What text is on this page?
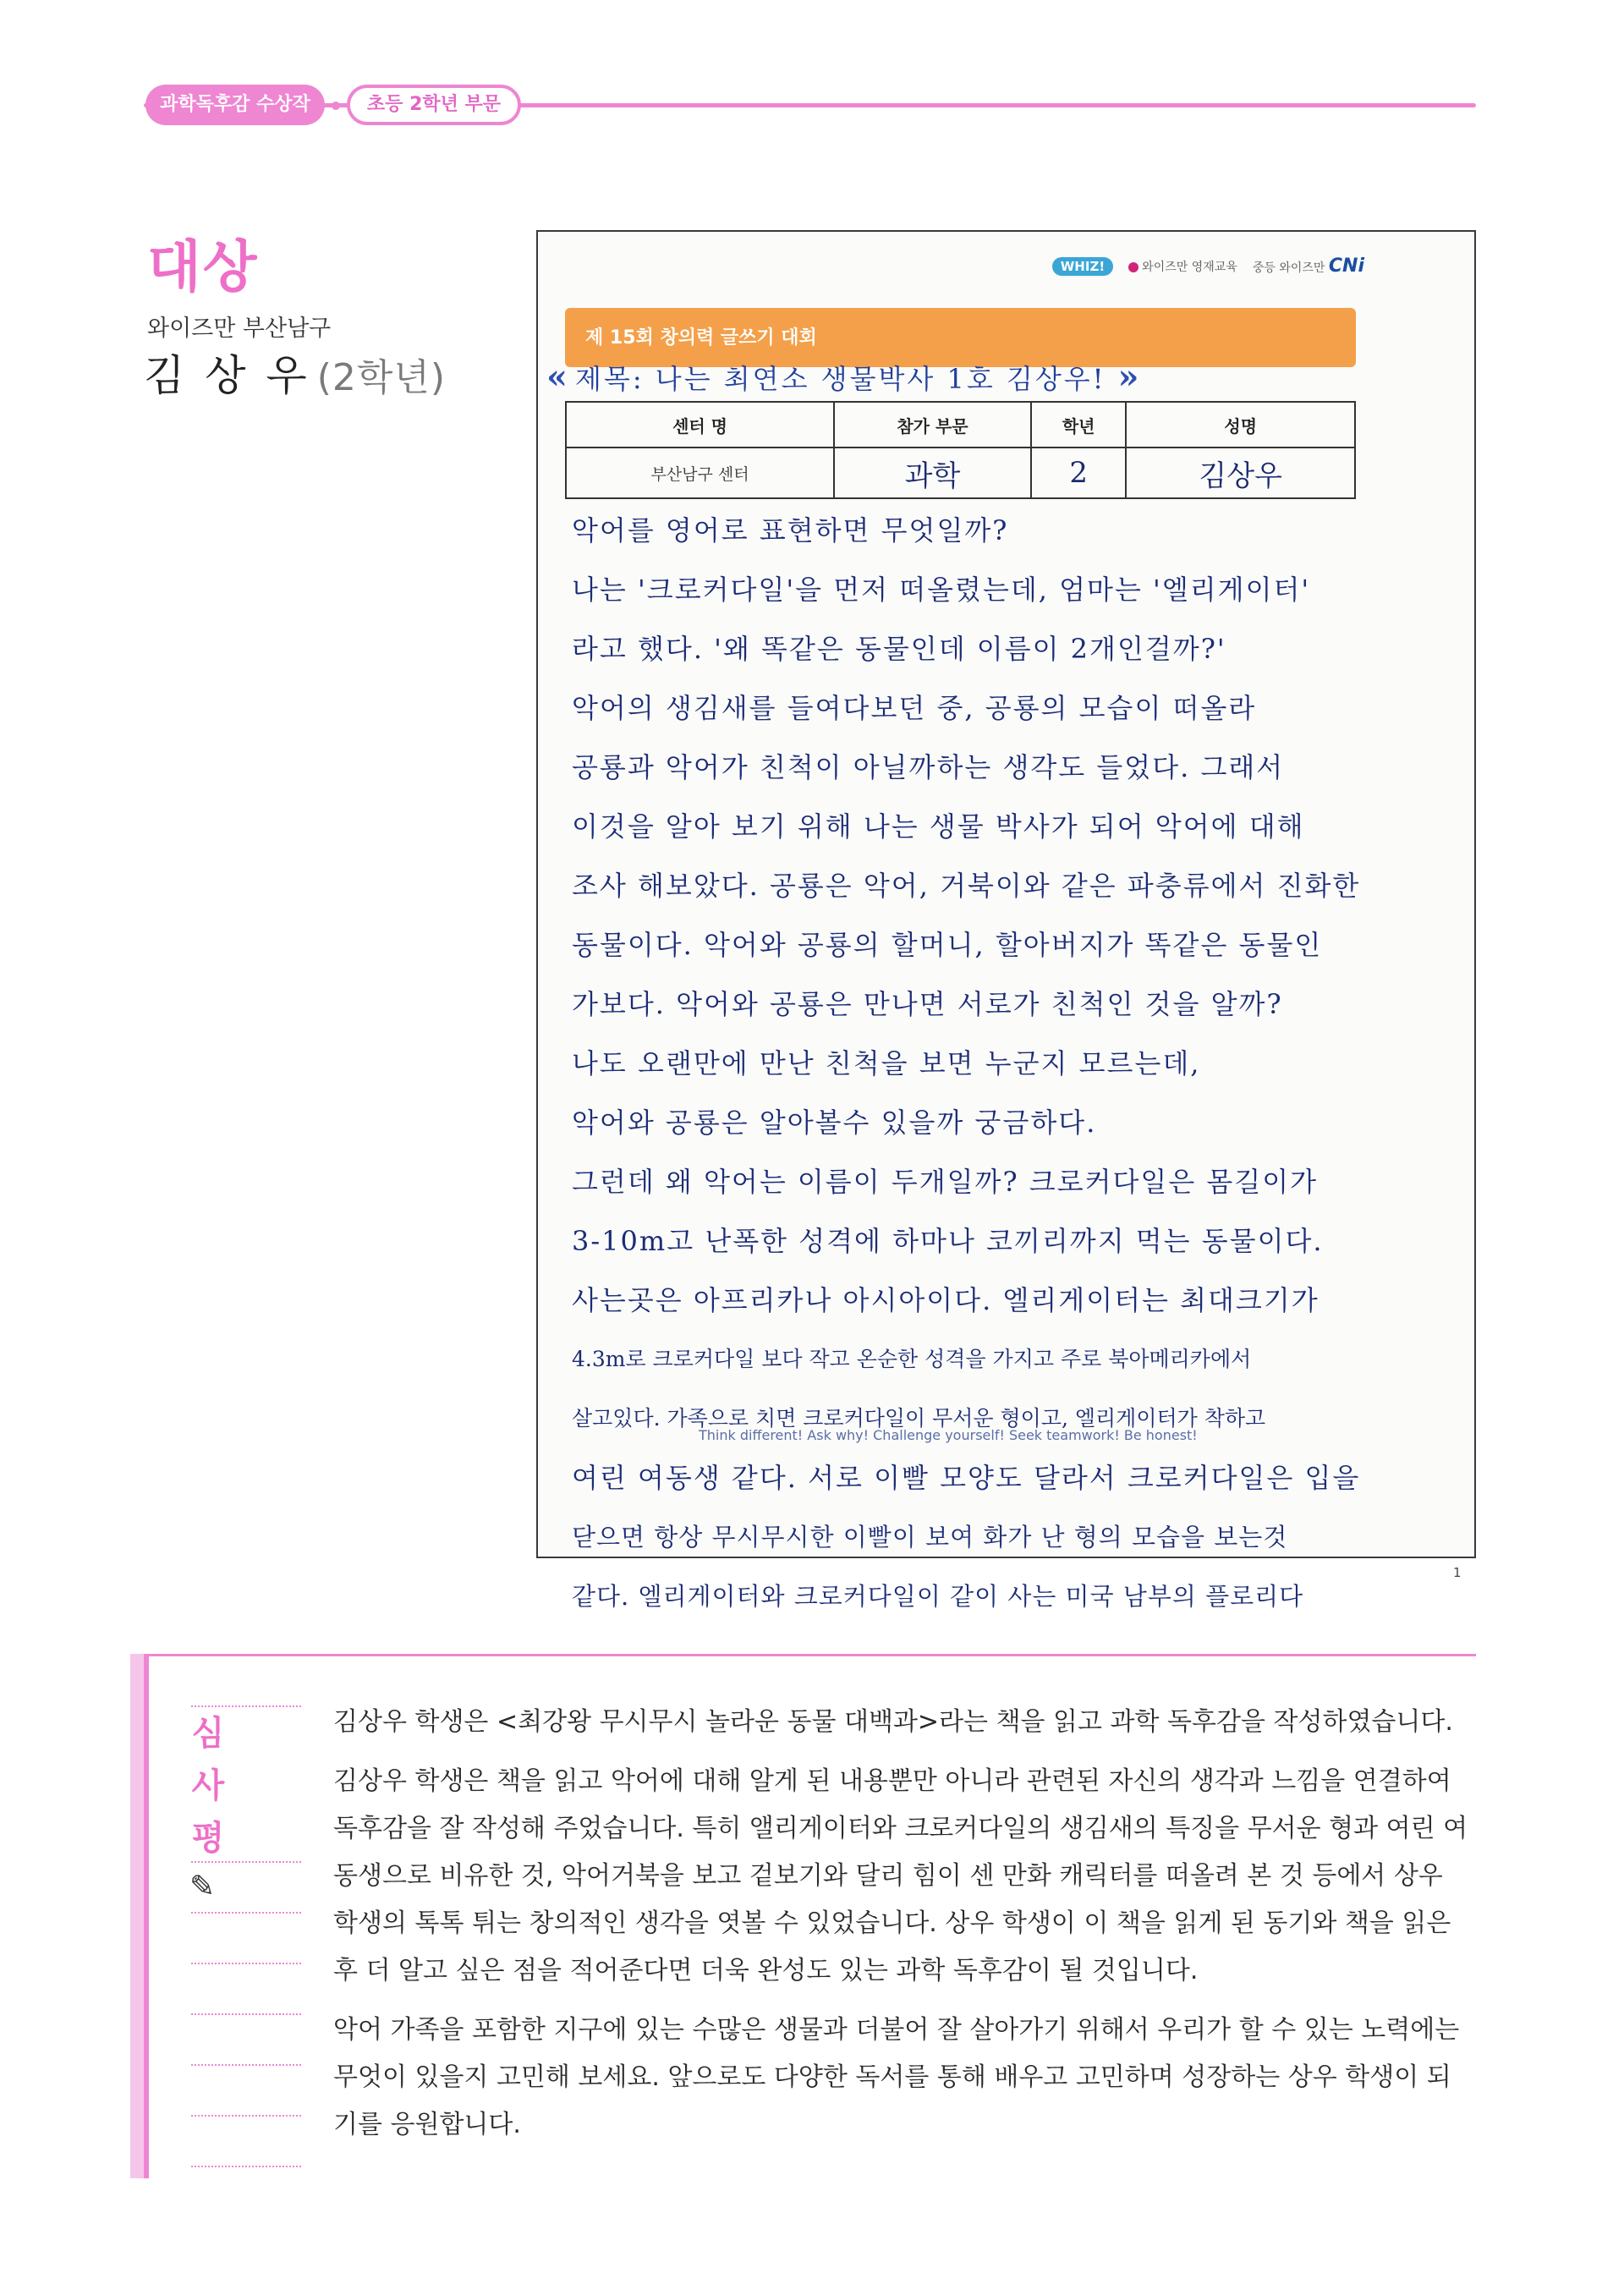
과학독후감 수상작	초등 2학년 부문
대상
와이즈만 부산남구
김 상 우 (2학년)
WHIZ!	와이즈만 영재교육 중등 와이즈만 CNi
제 15회 창의력 글쓰기 대회
« 제목: 나는 최연소 생물박사 1호 김상우! »
센터 명	참가 부문	학년	성명
부산남구 센터	과학	2	김상우
악어를 영어로 표현하면 무엇일까?
나는 '크로커다일'을 먼저 떠올렸는데, 엄마는 '엘리게이터'
라고 했다. '왜 똑같은 동물인데 이름이 2개인걸까?'
악어의 생김새를 들여다보던 중, 공룡의 모습이 떠올라
공룡과 악어가 친척이 아닐까하는 생각도 들었다. 그래서
이것을 알아 보기 위해 나는 생물 박사가 되어 악어에 대해
조사 해보았다. 공룡은 악어, 거북이와 같은 파충류에서 진화한
동물이다. 악어와 공룡의 할머니, 할아버지가 똑같은 동물인
가보다. 악어와 공룡은 만나면 서로가 친척인 것을 알까?
나도 오랜만에 만난 친척을 보면 누군지 모르는데,
악어와 공룡은 알아볼수 있을까 궁금하다.
그런데 왜 악어는 이름이 두개일까? 크로커다일은 몸길이가
3-10m고 난폭한 성격에 하마나 코끼리까지 먹는 동물이다.
사는곳은 아프리카나 아시아이다. 엘리게이터는 최대크기가
4.3m로 크로커다일 보다 작고 온순한 성격을 가지고 주로 북아메리카에서
살고있다. 가족으로 치면 크로커다일이 무서운 형이고, 엘리게이터가 착하고
여린 여동생 같다. 서로 이빨 모양도 달라서 크로커다일은 입을
닫으면 항상 무시무시한 이빨이 보여 화가 난 형의 모습을 보는것
같다. 엘리게이터와 크로커다일이 같이 사는 미국 남부의 플로리다
Think different! Ask why! Challenge yourself! Seek teamwork! Be honest!
1
심
사
평
✎

김상우 학생은 <최강왕 무시무시 놀라운 동물 대백과>라는 책을 읽고 과학 독후감을 작성하였습니다.

김상우 학생은 책을 읽고 악어에 대해 알게 된 내용뿐만 아니라 관련된 자신의 생각과 느낌을 연결하여 독후감을 잘 작성해 주었습니다. 특히 앨리게이터와 크로커다일의 생김새의 특징을 무서운 형과 여린 여동생으로 비유한 것, 악어거북을 보고 겉보기와 달리 힘이 센 만화 캐릭터를 떠올려 본 것 등에서 상우 학생의 톡톡 튀는 창의적인 생각을 엿볼 수 있었습니다. 상우 학생이 이 책을 읽게 된 동기와 책을 읽은 후 더 알고 싶은 점을 적어준다면 더욱 완성도 있는 과학 독후감이 될 것입니다.

악어 가족을 포함한 지구에 있는 수많은 생물과 더불어 잘 살아가기 위해서 우리가 할 수 있는 노력에는 무엇이 있을지 고민해 보세요. 앞으로도 다양한 독서를 통해 배우고 고민하며 성장하는 상우 학생이 되기를 응원합니다.
